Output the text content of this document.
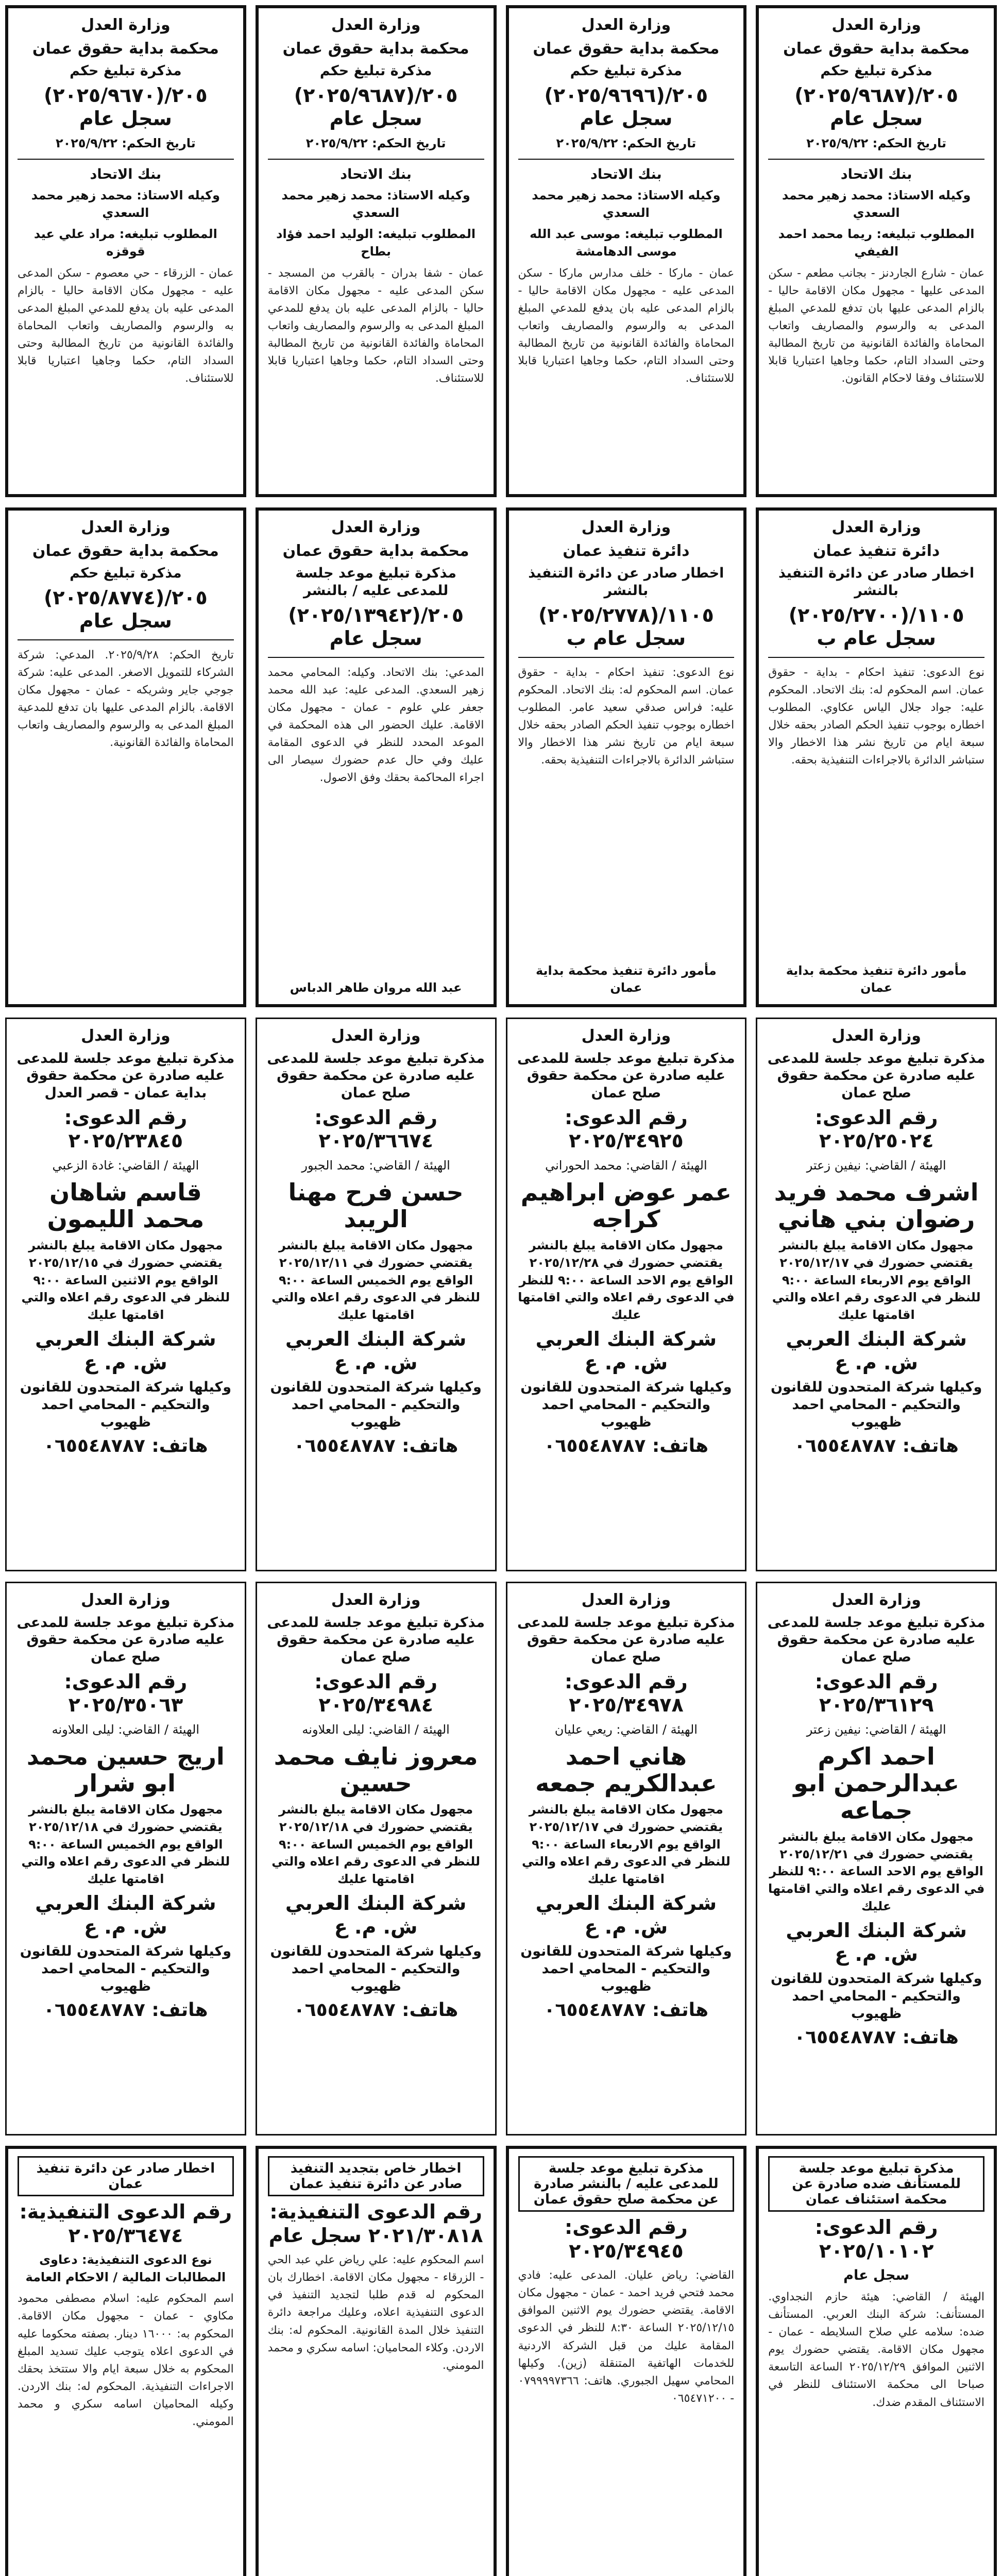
وزارة العدل
محكمة بداية حقوق عمان
مذكرة تبليغ حكم
٢٠٥/(٢٠٢٥/٩٦٨٧) سجل عام
تاريخ الحكم: ٢٠٢٥/٩/٢٢
بنك الاتحاد
وكيله الاستاذ: محمد زهير محمد السعدي
المطلوب تبليغه: ريما محمد احمد الفيفي
عمان - شارع الجاردنز - بجانب مطعم - سكن المدعى عليها - مجهول مكان الاقامة حاليا - بالزام المدعى عليها بان تدفع للمدعي المبلغ المدعى به والرسوم والمصاريف واتعاب المحاماة والفائدة القانونية من تاريخ المطالبة وحتى السداد التام، حكما وجاهيا اعتباريا قابلا للاستئناف وفقا لاحكام القانون.
وزارة العدل
محكمة بداية حقوق عمان
مذكرة تبليغ حكم
٢٠٥/(٢٠٢٥/٩٦٩٦) سجل عام
تاريخ الحكم: ٢٠٢٥/٩/٢٢
بنك الاتحاد
وكيله الاستاذ: محمد زهير محمد السعدي
المطلوب تبليغه: موسى عبد الله موسى الدهامشة
عمان - ماركا - خلف مدارس ماركا - سكن المدعى عليه - مجهول مكان الاقامة حاليا - بالزام المدعى عليه بان يدفع للمدعي المبلغ المدعى به والرسوم والمصاريف واتعاب المحاماة والفائدة القانونية من تاريخ المطالبة وحتى السداد التام، حكما وجاهيا اعتباريا قابلا للاستئناف.
وزارة العدل
محكمة بداية حقوق عمان
مذكرة تبليغ حكم
٢٠٥/(٢٠٢٥/٩٦٨٧) سجل عام
تاريخ الحكم: ٢٠٢٥/٩/٢٢
بنك الاتحاد
وكيله الاستاذ: محمد زهير محمد السعدي
المطلوب تبليغه: الوليد احمد فؤاد بطاح
عمان - شفا بدران - بالقرب من المسجد - سكن المدعى عليه - مجهول مكان الاقامة حاليا - بالزام المدعى عليه بان يدفع للمدعي المبلغ المدعى به والرسوم والمصاريف واتعاب المحاماة والفائدة القانونية من تاريخ المطالبة وحتى السداد التام، حكما وجاهيا اعتباريا قابلا للاستئناف.
وزارة العدل
محكمة بداية حقوق عمان
مذكرة تبليغ حكم
٢٠٥/(٢٠٢٥/٩٦٧٠) سجل عام
تاريخ الحكم: ٢٠٢٥/٩/٢٢
بنك الاتحاد
وكيله الاستاذ: محمد زهير محمد السعدي
المطلوب تبليغه: مراد علي عيد قوقزه
عمان - الزرقاء - حي معصوم - سكن المدعى عليه - مجهول مكان الاقامة حاليا - بالزام المدعى عليه بان يدفع للمدعي المبلغ المدعى به والرسوم والمصاريف واتعاب المحاماة والفائدة القانونية من تاريخ المطالبة وحتى السداد التام، حكما وجاهيا اعتباريا قابلا للاستئناف.
وزارة العدل
دائرة تنفيذ عمان
اخطار صادر عن دائرة التنفيذ بالنشر
١١٠٥/(٢٠٢٥/٢٧٠٠) سجل عام ب
نوع الدعوى: تنفيذ احكام - بداية - حقوق عمان. اسم المحكوم له: بنك الاتحاد. المحكوم عليه: جواد جلال الياس عكاوي. المطلوب اخطاره بوجوب تنفيذ الحكم الصادر بحقه خلال سبعة ايام من تاريخ نشر هذا الاخطار والا ستباشر الدائرة بالاجراءات التنفيذية بحقه.
مأمور دائرة تنفيذ محكمة بداية عمان
وزارة العدل
دائرة تنفيذ عمان
اخطار صادر عن دائرة التنفيذ بالنشر
١١٠٥/(٢٠٢٥/٢٧٧٨) سجل عام ب
نوع الدعوى: تنفيذ احكام - بداية - حقوق عمان. اسم المحكوم له: بنك الاتحاد. المحكوم عليه: فراس صدقي سعيد عامر. المطلوب اخطاره بوجوب تنفيذ الحكم الصادر بحقه خلال سبعة ايام من تاريخ نشر هذا الاخطار والا ستباشر الدائرة بالاجراءات التنفيذية بحقه.
مأمور دائرة تنفيذ محكمة بداية عمان
وزارة العدل
محكمة بداية حقوق عمان
مذكرة تبليغ موعد جلسة للمدعى عليه / بالنشر
٢٠٥/(٢٠٢٥/١٣٩٤٢) سجل عام
المدعي: بنك الاتحاد. وكيله: المحامي محمد زهير السعدي. المدعى عليه: عبد الله محمد جعفر علي علوم - عمان - مجهول مكان الاقامة. عليك الحضور الى هذه المحكمة في الموعد المحدد للنظر في الدعوى المقامة عليك وفي حال عدم حضورك سيصار الى اجراء المحاكمة بحقك وفق الاصول.
عبد الله مروان طاهر الدباس
وزارة العدل
محكمة بداية حقوق عمان
مذكرة تبليغ حكم
٢٠٥/(٢٠٢٥/٨٧٧٤) سجل عام
تاريخ الحكم: ٢٠٢٥/٩/٢٨. المدعي: شركة الشركاء للتمويل الاصغر. المدعى عليه: شركة جوجي جاير وشريكه - عمان - مجهول مكان الاقامة. بالزام المدعى عليها بان تدفع للمدعية المبلغ المدعى به والرسوم والمصاريف واتعاب المحاماة والفائدة القانونية.
وزارة العدل
مذكرة تبليغ موعد جلسة للمدعى عليه صادرة عن محكمة حقوق صلح عمان
رقم الدعوى: ٢٠٢٥/٢٥٠٢٤
الهيئة / القاضي: نيفين زعتر
اشرف محمد فريد رضوان بني هاني
مجهول مكان الاقامة يبلغ بالنشر يقتضي حضورك في ٢٠٢٥/١٢/١٧ الواقع يوم الاربعاء الساعة ٩:٠٠ للنظر في الدعوى رقم اعلاه والتي اقامتها عليك
شركة البنك العربي ش. م. ع
وكيلها شركة المتحدون للقانون والتحكيم - المحامي احمد ظهيوب
هاتف: ٠٦٥٥٤٨٧٨٧
وزارة العدل
مذكرة تبليغ موعد جلسة للمدعى عليه صادرة عن محكمة حقوق صلح عمان
رقم الدعوى: ٢٠٢٥/٣٤٩٢٥
الهيئة / القاضي: محمد الحوراني
عمر عوض ابراهيم كراجه
مجهول مكان الاقامة يبلغ بالنشر يقتضي حضورك في ٢٠٢٥/١٢/٢٨ الواقع يوم الاحد الساعة ٩:٠٠ للنظر في الدعوى رقم اعلاه والتي اقامتها عليك
شركة البنك العربي ش. م. ع
وكيلها شركة المتحدون للقانون والتحكيم - المحامي احمد ظهيوب
هاتف: ٠٦٥٥٤٨٧٨٧
وزارة العدل
مذكرة تبليغ موعد جلسة للمدعى عليه صادرة عن محكمة حقوق صلح عمان
رقم الدعوى: ٢٠٢٥/٣٦٦٧٤
الهيئة / القاضي: محمد الجبور
حسن فرح مهنا الريبد
مجهول مكان الاقامة يبلغ بالنشر يقتضي حضورك في ٢٠٢٥/١٢/١١ الواقع يوم الخميس الساعة ٩:٠٠ للنظر في الدعوى رقم اعلاه والتي اقامتها عليك
شركة البنك العربي ش. م. ع
وكيلها شركة المتحدون للقانون والتحكيم - المحامي احمد ظهيوب
هاتف: ٠٦٥٥٤٨٧٨٧
وزارة العدل
مذكرة تبليغ موعد جلسة للمدعى عليه صادرة عن محكمة حقوق بداية عمان - قصر العدل
رقم الدعوى: ٢٠٢٥/٢٣٨٤٥
الهيئة / القاضي: غادة الزعبي
قاسم شاهان محمد الليمون
مجهول مكان الاقامة يبلغ بالنشر يقتضي حضورك في ٢٠٢٥/١٢/١٥ الواقع يوم الاثنين الساعة ٩:٠٠ للنظر في الدعوى رقم اعلاه والتي اقامتها عليك
شركة البنك العربي ش. م. ع
وكيلها شركة المتحدون للقانون والتحكيم - المحامي احمد ظهيوب
هاتف: ٠٦٥٥٤٨٧٨٧
وزارة العدل
مذكرة تبليغ موعد جلسة للمدعى عليه صادرة عن محكمة حقوق صلح عمان
رقم الدعوى: ٢٠٢٥/٣٦١٢٩
الهيئة / القاضي: نيفين زعتر
احمد اكرم عبدالرحمن ابو جماعه
مجهول مكان الاقامة يبلغ بالنشر يقتضي حضورك في ٢٠٢٥/١٢/٢١ الواقع يوم الاحد الساعة ٩:٠٠ للنظر في الدعوى رقم اعلاه والتي اقامتها عليك
شركة البنك العربي ش. م. ع
وكيلها شركة المتحدون للقانون والتحكيم - المحامي احمد ظهيوب
هاتف: ٠٦٥٥٤٨٧٨٧
وزارة العدل
مذكرة تبليغ موعد جلسة للمدعى عليه صادرة عن محكمة حقوق صلح عمان
رقم الدعوى: ٢٠٢٥/٣٤٩٧٨
الهيئة / القاضي: ريعي عليان
هاني احمد عبدالكريم جمعه
مجهول مكان الاقامة يبلغ بالنشر يقتضي حضورك في ٢٠٢٥/١٢/١٧ الواقع يوم الاربعاء الساعة ٩:٠٠ للنظر في الدعوى رقم اعلاه والتي اقامتها عليك
شركة البنك العربي ش. م. ع
وكيلها شركة المتحدون للقانون والتحكيم - المحامي احمد ظهيوب
هاتف: ٠٦٥٥٤٨٧٨٧
وزارة العدل
مذكرة تبليغ موعد جلسة للمدعى عليه صادرة عن محكمة حقوق صلح عمان
رقم الدعوى: ٢٠٢٥/٣٤٩٨٤
الهيئة / القاضي: ليلى العلاونه
معروز نايف محمد حسين
مجهول مكان الاقامة يبلغ بالنشر يقتضي حضورك في ٢٠٢٥/١٢/١٨ الواقع يوم الخميس الساعة ٩:٠٠ للنظر في الدعوى رقم اعلاه والتي اقامتها عليك
شركة البنك العربي ش. م. ع
وكيلها شركة المتحدون للقانون والتحكيم - المحامي احمد ظهيوب
هاتف: ٠٦٥٥٤٨٧٨٧
وزارة العدل
مذكرة تبليغ موعد جلسة للمدعى عليه صادرة عن محكمة حقوق صلح عمان
رقم الدعوى: ٢٠٢٥/٣٥٠٦٣
الهيئة / القاضي: ليلى العلاونه
اريج حسين محمد ابو شرار
مجهول مكان الاقامة يبلغ بالنشر يقتضي حضورك في ٢٠٢٥/١٢/١٨ الواقع يوم الخميس الساعة ٩:٠٠ للنظر في الدعوى رقم اعلاه والتي اقامتها عليك
شركة البنك العربي ش. م. ع
وكيلها شركة المتحدون للقانون والتحكيم - المحامي احمد ظهيوب
هاتف: ٠٦٥٥٤٨٧٨٧
مذكرة تبليغ موعد جلسة للمستأنف ضده صادرة عن محكمة استئناف عمان
رقم الدعوى: ٢٠٢٥/١٠١٠٢
سجل عام
الهيئة / القاضي: هيئة حازم النجداوي. المستأنف: شركة البنك العربي. المستأنف ضده: سلامه علي صلاح السلايطه - عمان - مجهول مكان الاقامة. يقتضي حضورك يوم الاثنين الموافق ٢٠٢٥/١٢/٢٩ الساعة التاسعة صباحا الى محكمة الاستئناف للنظر في الاستئناف المقدم ضدك.
مذكرة تبليغ موعد جلسة للمدعى عليه / بالنشر صادرة عن محكمة صلح حقوق عمان
رقم الدعوى: ٢٠٢٥/٣٤٩٤٥
القاضي: رياض عليان. المدعى عليه: فادي محمد فتحي فريد احمد - عمان - مجهول مكان الاقامة. يقتضي حضورك يوم الاثنين الموافق ٢٠٢٥/١٢/١٥ الساعة ٨:٣٠ للنظر في الدعوى المقامة عليك من قبل الشركة الاردنية للخدمات الهاتفية المتنقلة (زين). وكيلها المحامي سهيل الجبوري. هاتف: ٠٧٩٩٩٩٧٣٦٦ - ٠٦٥٤٧١٢٠٠
اخطار خاص بتجديد التنفيذ صادر عن دائرة تنفيذ عمان
رقم الدعوى التنفيذية: ٢٠٢١/٣٠٨١٨ سجل عام
اسم المحكوم عليه: علي رياض علي عبد الحي - الزرقاء - مجهول مكان الاقامة. اخطارك بان المحكوم له قدم طلبا لتجديد التنفيذ في الدعوى التنفيذية اعلاه، وعليك مراجعة دائرة التنفيذ خلال المدة القانونية. المحكوم له: بنك الاردن. وكلاء المحاميان: اسامه سكري و محمد المومني.
اخطار صادر عن دائرة تنفيذ عمان
رقم الدعوى التنفيذية: ٢٠٢٥/٣٦٤٧٤
نوع الدعوى التنفيذية: دعاوى المطالبات المالية / الاحكام العامة
اسم المحكوم عليه: اسلام مصطفى محمود مكاوي - عمان - مجهول مكان الاقامة. المحكوم به: ١٦٠٠٠ دينار. بصفته محكوما عليه في الدعوى اعلاه يتوجب عليك تسديد المبلغ المحكوم به خلال سبعة ايام والا ستتخذ بحقك الاجراءات التنفيذية. المحكوم له: بنك الاردن. وكيله المحاميان اسامه سكري و محمد المومني.
